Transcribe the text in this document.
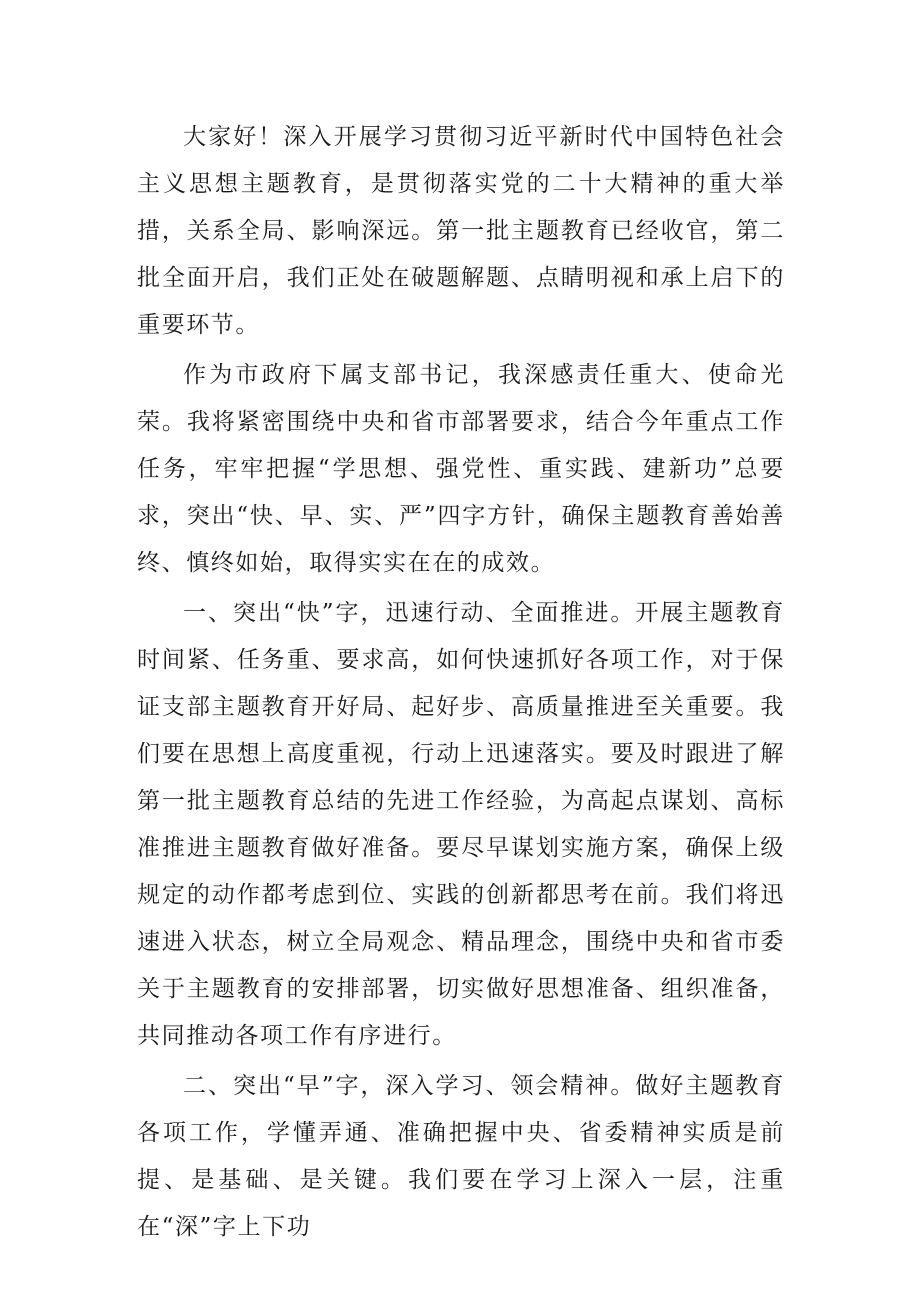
大家好！深入开展学习贯彻习近平新时代中国特色社会主义思想主题教育，是贯彻落实党的二十大精神的重大举措，关系全局、影响深远。第一批主题教育已经收官，第二批全面开启，我们正处在破题解题、点睛明视和承上启下的重要环节。

作为市政府下属支部书记，我深感责任重大、使命光荣。我将紧密围绕中央和省市部署要求，结合今年重点工作任务，牢牢把握“学思想、强党性、重实践、建新功”总要求，突出“快、早、实、严”四字方针，确保主题教育善始善终、慎终如始，取得实实在在的成效。

一、突出“快”字，迅速行动、全面推进。开展主题教育时间紧、任务重、要求高，如何快速抓好各项工作，对于保证支部主题教育开好局、起好步、高质量推进至关重要。我们要在思想上高度重视，行动上迅速落实。要及时跟进了解第一批主题教育总结的先进工作经验，为高起点谋划、高标准推进主题教育做好准备。要尽早谋划实施方案，确保上级规定的动作都考虑到位、实践的创新都思考在前。我们将迅速进入状态，树立全局观念、精品理念，围绕中央和省市委关于主题教育的安排部署，切实做好思想准备、组织准备，共同推动各项工作有序进行。

二、突出“早”字，深入学习、领会精神。做好主题教育各项工作，学懂弄通、准确把握中央、省委精神实质是前提、是基础、是关键。我们要在学习上深入一层，注重在“深”字上下功
